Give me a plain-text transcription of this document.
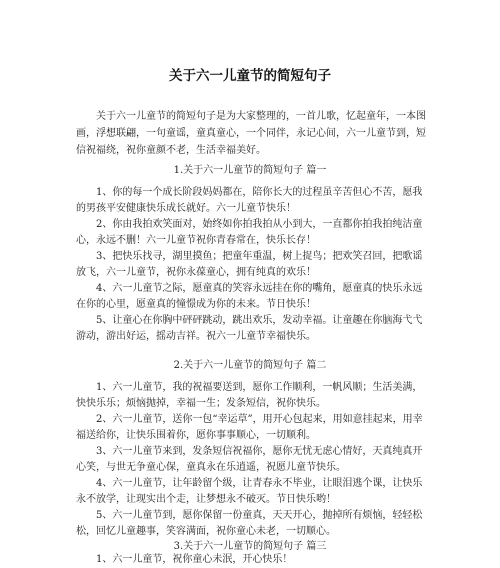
关于六一儿童节的简短句子

关于六一儿童节的简短句子是为大家整理的，一首儿歌，忆起童年，一本图画，浮想联翩，一句童谣，童真童心，一个同伴，永记心间，六一儿童节到，短信祝福绕，祝你童颜不老，生活幸福美好。

1.关于六一儿童节的简短句子 篇一

1、你的每一个成长阶段妈妈都在，陪你长大的过程虽辛苦但心不苦，愿我的男孩平安健康快乐成长就好。六一儿童节快乐！

2、你由我拍欢笑面对，始终如你拍我拍从小到大，一直都你拍我拍纯洁童心，永远不删！六一儿童节祝你青春常在，快乐长存！

3、把快乐找寻，湖里摸鱼；把童年重温，树上捉鸟；把欢笑召回，把歌谣放飞，六一儿童节，祝你永葆童心，拥有纯真的欢乐！

4、六一儿童节之际，愿童真的笑容永远挂在你的嘴角，愿童真的快乐永远在你的心里，愿童真的憧憬成为你的未来。节日快乐！

5、让童心在你胸中砰砰跳动，跳出欢乐，发动幸福。让童趣在你脑海弋弋游动，游出好运，摇动吉祥。祝六一儿童节幸福快乐。

2.关于六一儿童节的简短句子 篇二

1、六一儿童节，我的祝福要送到，愿你工作顺利，一帆风顺；生活美满，快快乐乐；烦恼抛掉，幸福一生；发条短信，祝你快乐。

2、六一儿童节，送你一包“幸运草”，用开心包起来，用如意挂起来，用幸福送给你，让快乐围着你，愿你事事顺心，一切顺利。

3、六一儿童节来到，发条短信祝福你，愿你无忧无虑心情好，天真纯真开心笑，与世无争童心保，童真永在乐逍遥，祝愿儿童节快乐。

4、六一儿童节，让年龄留个级，让青春永不毕业，让眼泪逃个课，让快乐永不放学，让现实出个走，让梦想永不破灭。节日快乐哟！

5、六一儿童节到，愿你保留一份童真，天天开心，抛掉所有烦恼，轻轻松松，回忆儿童趣事，笑容满面，祝你童心未老，一切顺心。

3.关于六一儿童节的简短句子 篇三

1、六一儿童节，祝你童心未泯，开心快乐！
